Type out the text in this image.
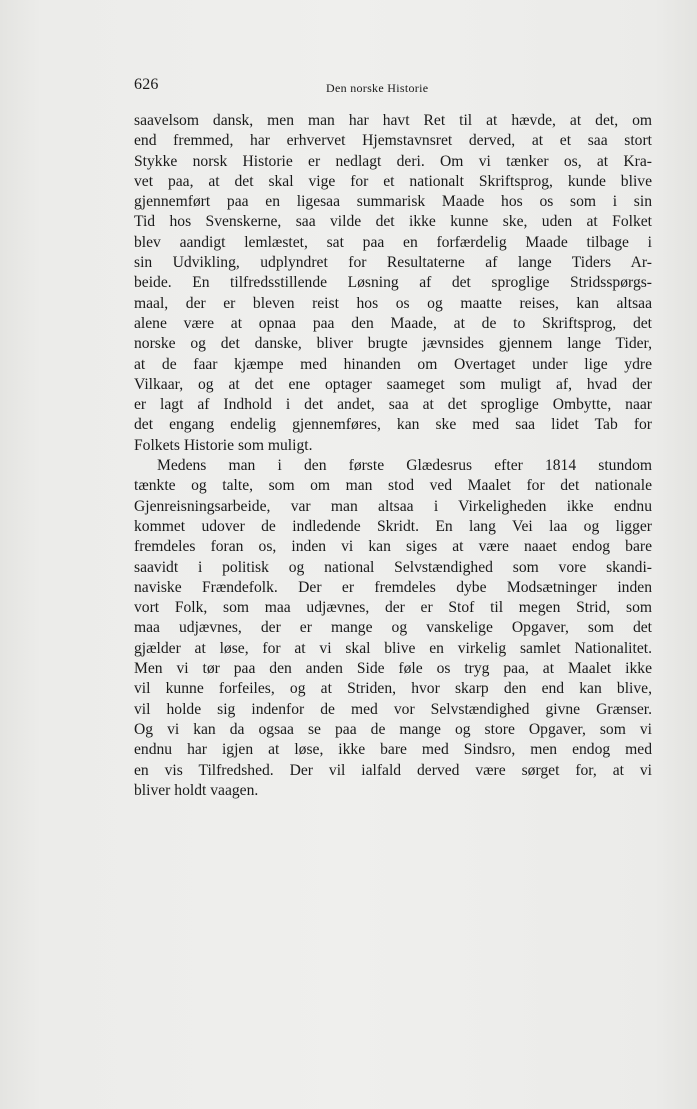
626	Den norske Historie
saavelsom dansk, men man har havt Ret til at hævde, at det, om
end fremmed, har erhvervet Hjemstavnsret derved, at et saa stort
Stykke norsk Historie er nedlagt deri. Om vi tænker os, at Kra-
vet paa, at det skal vige for et nationalt Skriftsprog, kunde blive
gjennemført paa en ligesaa summarisk Maade hos os som i sin
Tid hos Svenskerne, saa vilde det ikke kunne ske, uden at Folket
blev aandigt lemlæstet, sat paa en forfærdelig Maade tilbage i
sin Udvikling, udplyndret for Resultaterne af lange Tiders Ar-
beide. En tilfredsstillende Løsning af det sproglige Stridsspørgs-
maal, der er bleven reist hos os og maatte reises, kan altsaa
alene være at opnaa paa den Maade, at de to Skriftsprog, det
norske og det danske, bliver brugte jævnsides gjennem lange Tider,
at de faar kjæmpe med hinanden om Overtaget under lige ydre
Vilkaar, og at det ene optager saameget som muligt af, hvad der
er lagt af Indhold i det andet, saa at det sproglige Ombytte, naar
det engang endelig gjennemføres, kan ske med saa lidet Tab for
Folkets Historie som muligt.
Medens man i den første Glædesrus efter 1814 stundom
tænkte og talte, som om man stod ved Maalet for det nationale
Gjenreisningsarbeide, var man altsaa i Virkeligheden ikke endnu
kommet udover de indledende Skridt. En lang Vei laa og ligger
fremdeles foran os, inden vi kan siges at være naaet endog bare
saavidt i politisk og national Selvstændighed som vore skandi-
naviske Frændefolk. Der er fremdeles dybe Modsætninger inden
vort Folk, som maa udjævnes, der er Stof til megen Strid, som
maa udjævnes, der er mange og vanskelige Opgaver, som det
gjælder at løse, for at vi skal blive en virkelig samlet Nationalitet.
Men vi tør paa den anden Side føle os tryg paa, at Maalet ikke
vil kunne forfeiles, og at Striden, hvor skarp den end kan blive,
vil holde sig indenfor de med vor Selvstændighed givne Grænser.
Og vi kan da ogsaa se paa de mange og store Opgaver, som vi
endnu har igjen at løse, ikke bare med Sindsro, men endog med
en vis Tilfredshed. Der vil ialfald derved være sørget for, at vi
bliver holdt vaagen.
